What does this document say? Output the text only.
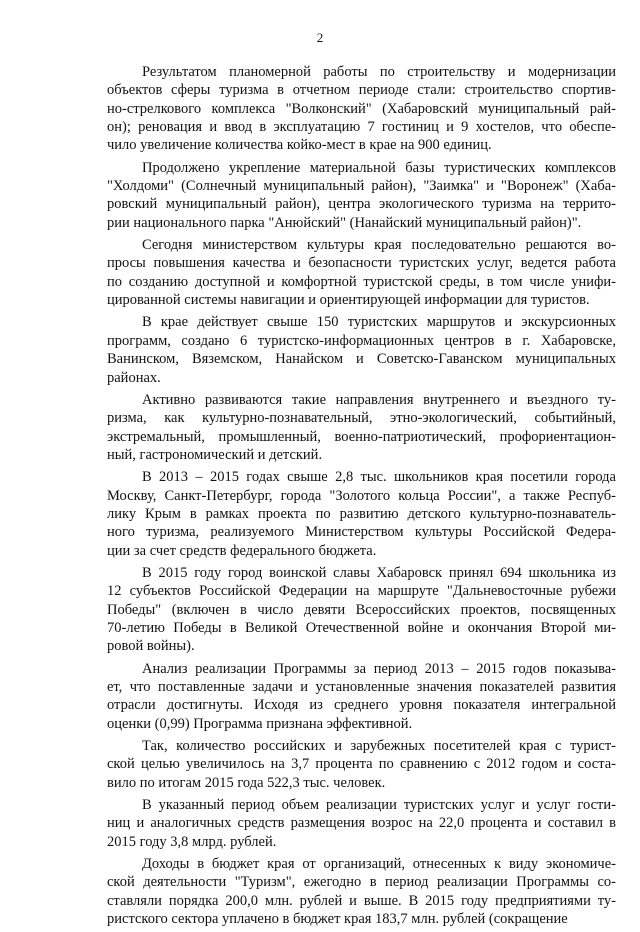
2
Результатом планомерной работы по строительству и модернизации
объектов сферы туризма в отчетном периоде стали: строительство спортив-
но-стрелкового комплекса "Волконский" (Хабаровский муниципальный рай-
он); реновация и ввод в эксплуатацию 7 гостиниц и 9 хостелов, что обеспе-
чило увеличение количества койко-мест в крае на 900 единиц.
Продолжено укрепление материальной базы туристических комплексов
"Холдоми" (Солнечный муниципальный район), "Заимка" и "Воронеж" (Хаба-
ровский муниципальный район), центра экологического туризма на террито-
рии национального парка "Анюйский" (Нанайский муниципальный район)".
Сегодня министерством культуры края последовательно решаются во-
просы повышения качества и безопасности туристских услуг, ведется работа
по созданию доступной и комфортной туристской среды, в том числе унифи-
цированной системы навигации и ориентирующей информации для туристов.
В крае действует свыше 150 туристских маршрутов и экскурсионных
программ, создано 6 туристско-информационных центров в г. Хабаровске,
Ванинском, Вяземском, Нанайском и Советско-Гаванском муниципальных
районах.
Активно развиваются такие направления внутреннего и въездного ту-
ризма, как культурно-познавательный, этно-экологический, событийный,
экстремальный, промышленный, военно-патриотический, профориентацион-
ный, гастрономический и детский.
В 2013 – 2015 годах свыше 2,8 тыс. школьников края посетили города
Москву, Санкт-Петербург, города "Золотого кольца России", а также Респуб-
лику Крым в рамках проекта по развитию детского культурно-познаватель-
ного туризма, реализуемого Министерством культуры Российской Федера-
ции за счет средств федерального бюджета.
В 2015 году город воинской славы Хабаровск принял 694 школьника из
12 субъектов Российской Федерации на маршруте "Дальневосточные рубежи
Победы" (включен в число девяти Всероссийских проектов, посвященных
70-летию Победы в Великой Отечественной войне и окончания Второй ми-
ровой войны).
Анализ реализации Программы за период 2013 – 2015 годов показыва-
ет, что поставленные задачи и установленные значения показателей развития
отрасли достигнуты. Исходя из среднего уровня показателя интегральной
оценки (0,99) Программа признана эффективной.
Так, количество российских и зарубежных посетителей края с турист-
ской целью увеличилось на 3,7 процента по сравнению с 2012 годом и соста-
вило по итогам 2015 года 522,3 тыс. человек.
В указанный период объем реализации туристских услуг и услуг гости-
ниц и аналогичных средств размещения возрос на 22,0 процента и составил в
2015 году 3,8 млрд. рублей.
Доходы в бюджет края от организаций, отнесенных к виду экономиче-
ской деятельности "Туризм", ежегодно в период реализации Программы со-
ставляли порядка 200,0 млн. рублей и выше. В 2015 году предприятиями ту-
ристского сектора уплачено в бюджет края 183,7 млн. рублей (сокращение
